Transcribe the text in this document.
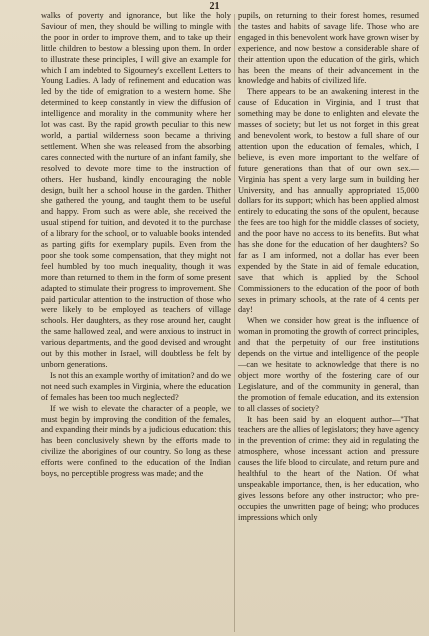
21

walks of poverty and ignorance, but like the holy Saviour of men, they should be willing to mingle with the poor in order to improve them, and to take up their little children to bestow a blessing upon them. In order to illustrate these principles, I will give an example for which I am indebted to Sigourney's excellent Letters to Young Ladies. A lady of refinement and education was led by the tide of emigration to a western home. She determined to keep constantly in view the diffusion of intelligence and morality in the community where her lot was cast. By the rapid growth peculiar to this new world, a partial wilderness soon became a thriving settlement. When she was released from the absorbing cares connected with the nurture of an infant family, she resolved to devote more time to the instruction of others. Her husband, kindly encouraging the noble design, built her a school house in the garden. Thither she gathered the young, and taught them to be useful and happy. From such as were able, she received the usual stipend for tuition, and devoted it to the purchase of a library for the school, or to valuable books intended as parting gifts for exemplary pupils. Even from the poor she took some compensation, that they might not feel humbled by too much inequality, though it was more than returned to them in the form of some present adapted to stimulate their progress to improvement. She paid particular attention to the instruction of those who were likely to be employed as teachers of village schools. Her daughters, as they rose around her, caught the same hallowed zeal, and were anxious to instruct in various departments, and the good devised and wrought out by this mother in Israel, will doubtless be felt by unborn generations.

Is not this an example worthy of imitation? and do we not need such examples in Virginia, where the education of females has been too much neglected?

If we wish to elevate the character of a people, we must begin by improving the condition of the females, and expanding their minds by a judicious education: this has been conclusively shewn by the efforts made to civilize the aborigines of our country. So long as these efforts were confined to the education of the Indian boys, no perceptible progress was made; and the

pupils, on returning to their forest homes, resumed the tastes and habits of savage life. Those who are engaged in this benevolent work have grown wiser by experience, and now bestow a considerable share of their attention upon the education of the girls, which has been the means of their advancement in the knowledge and habits of civilized life.

There appears to be an awakening interest in the cause of Education in Virginia, and I trust that something may be done to enlighten and elevate the masses of society; but let us not forget in this great and benevolent work, to bestow a full share of our attention upon the education of females, which, I believe, is even more important to the welfare of future generations than that of our own sex.—Virginia has spent a very large sum in building her University, and has annually appropriated 15,000 dollars for its support; which has been applied almost entirely to educating the sons of the opulent, because the fees are too high for the middle classes of society, and the poor have no access to its benefits. But what has she done for the education of her daughters? So far as I am informed, not a dollar has ever been expended by the State in aid of female education, save that which is applied by the School Commissioners to the education of the poor of both sexes in primary schools, at the rate of 4 cents per day!

When we consider how great is the influence of woman in promoting the growth of correct principles, and that the perpetuity of our free institutions depends on the virtue and intelligence of the people—can we hesitate to acknowledge that there is no object more worthy of the fostering care of our Legislature, and of the community in general, than the promotion of female education, and its extension to all classes of society?

It has been said by an eloquent author—"That teachers are the allies of legislators; they have agency in the prevention of crime: they aid in regulating the atmosphere, whose incessant action and pressure causes the life blood to circulate, and return pure and healthful to the heart of the Nation. Of what unspeakable importance, then, is her education, who gives lessons before any other instructor; who pre-occupies the unwritten page of being; who produces impressions which only
